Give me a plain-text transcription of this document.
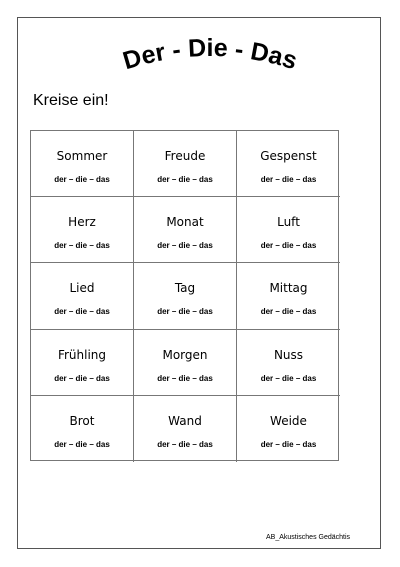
Der - Die - Das
Kreise ein!
Sommer
der – die – das
Freude
der – die – das
Gespenst
der – die – das
Herz
der – die – das
Monat
der – die – das
Luft
der – die – das
Lied
der – die – das
Tag
der – die – das
Mittag
der – die – das
Frühling
der – die – das
Morgen
der – die – das
Nuss
der – die – das
Brot
der – die – das
Wand
der – die – das
Weide
der – die – das
AB_Akustisches Gedächtis
